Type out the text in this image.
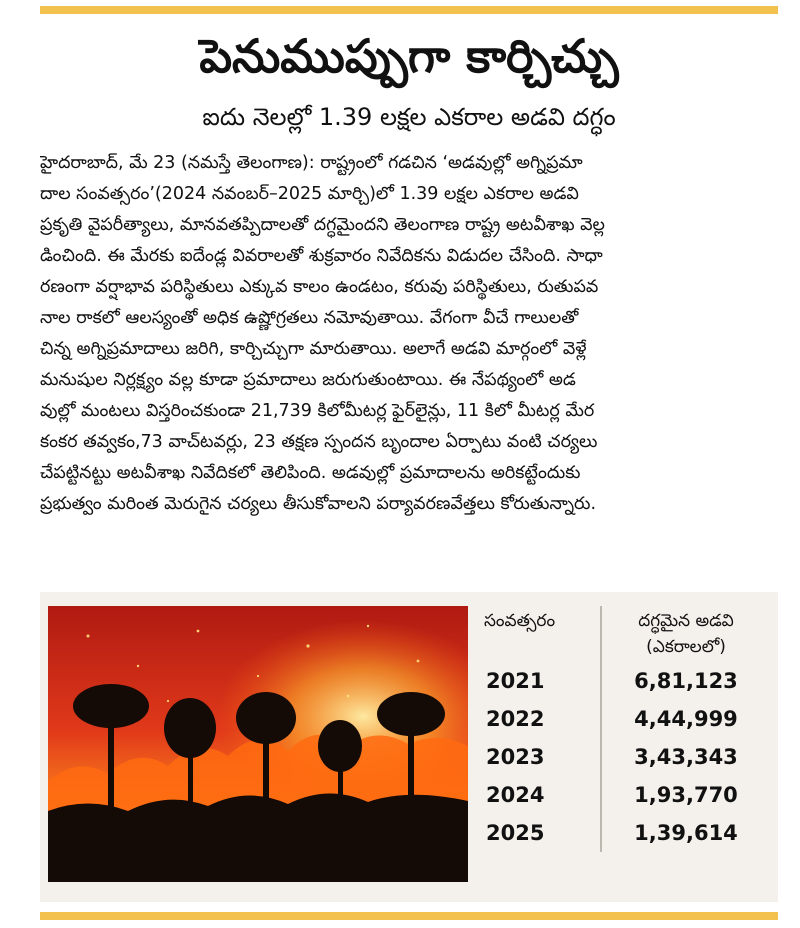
పెనుముప్పుగా కార్చిచ్చు
ఐదు నెలల్లో 1.39 లక్షల ఎకరాల అడవి దగ్ధం
హైదరాబాద్, మే 23 (నమస్తే తెలంగాణ): రాష్ట్రంలో గడచిన ‘అడవుల్లో అగ్నిప్రమా
దాల సంవత్సరం’(2024 నవంబర్–2025 మార్చి)లో 1.39 లక్షల ఎకరాల అడవి
ప్రకృతి వైపరీత్యాలు, మానవతప్పిదాలతో దగ్ధమైందని తెలంగాణ రాష్ట్ర అటవీశాఖ వెల్ల
డించింది. ఈ మేరకు ఐదేండ్ల వివరాలతో శుక్రవారం నివేదికను విడుదల చేసింది. సాధా
రణంగా వర్షాభావ పరిస్థితులు ఎక్కువ కాలం ఉండటం, కరువు పరిస్థితులు, రుతుపవ
నాల రాకలో ఆలస్యంతో అధిక ఉష్ణోగ్రతలు నమోవుతాయి. వేగంగా వీచే గాలులతో
చిన్న అగ్నిప్రమాదాలు జరిగి, కార్చిచ్చుగా మారుతాయి. అలాగే అడవి మార్గంలో వెళ్లే
మనుషుల నిర్లక్ష్యం వల్ల కూడా ప్రమాదాలు జరుగుతుంటాయి. ఈ నేపథ్యంలో అడ
వుల్లో మంటలు విస్తరించకుండా 21,739 కిలోమీటర్ల ఫైర్‌లైన్లు, 11 కిలో మీటర్ల మేర
కంకర తవ్వకం,73 వాచ్‌టవర్లు, 23 తక్షణ స్పందన బృందాల ఏర్పాటు వంటి చర్యలు
చేపట్టినట్టు అటవీశాఖ నివేదికలో తెలిపింది. అడవుల్లో ప్రమాదాలను అరికట్టేందుకు
ప్రభుత్వం మరింత మెరుగైన చర్యలు తీసుకోవాలని పర్యావరణవేత్తలు కోరుతున్నారు.
సంవత్సరం	దగ్ధమైన అడవి
(ఎకరాలలో)

2021	6,81,123
2022	4,44,999
2023	3,43,343
2024	1,93,770
2025	1,39,614
